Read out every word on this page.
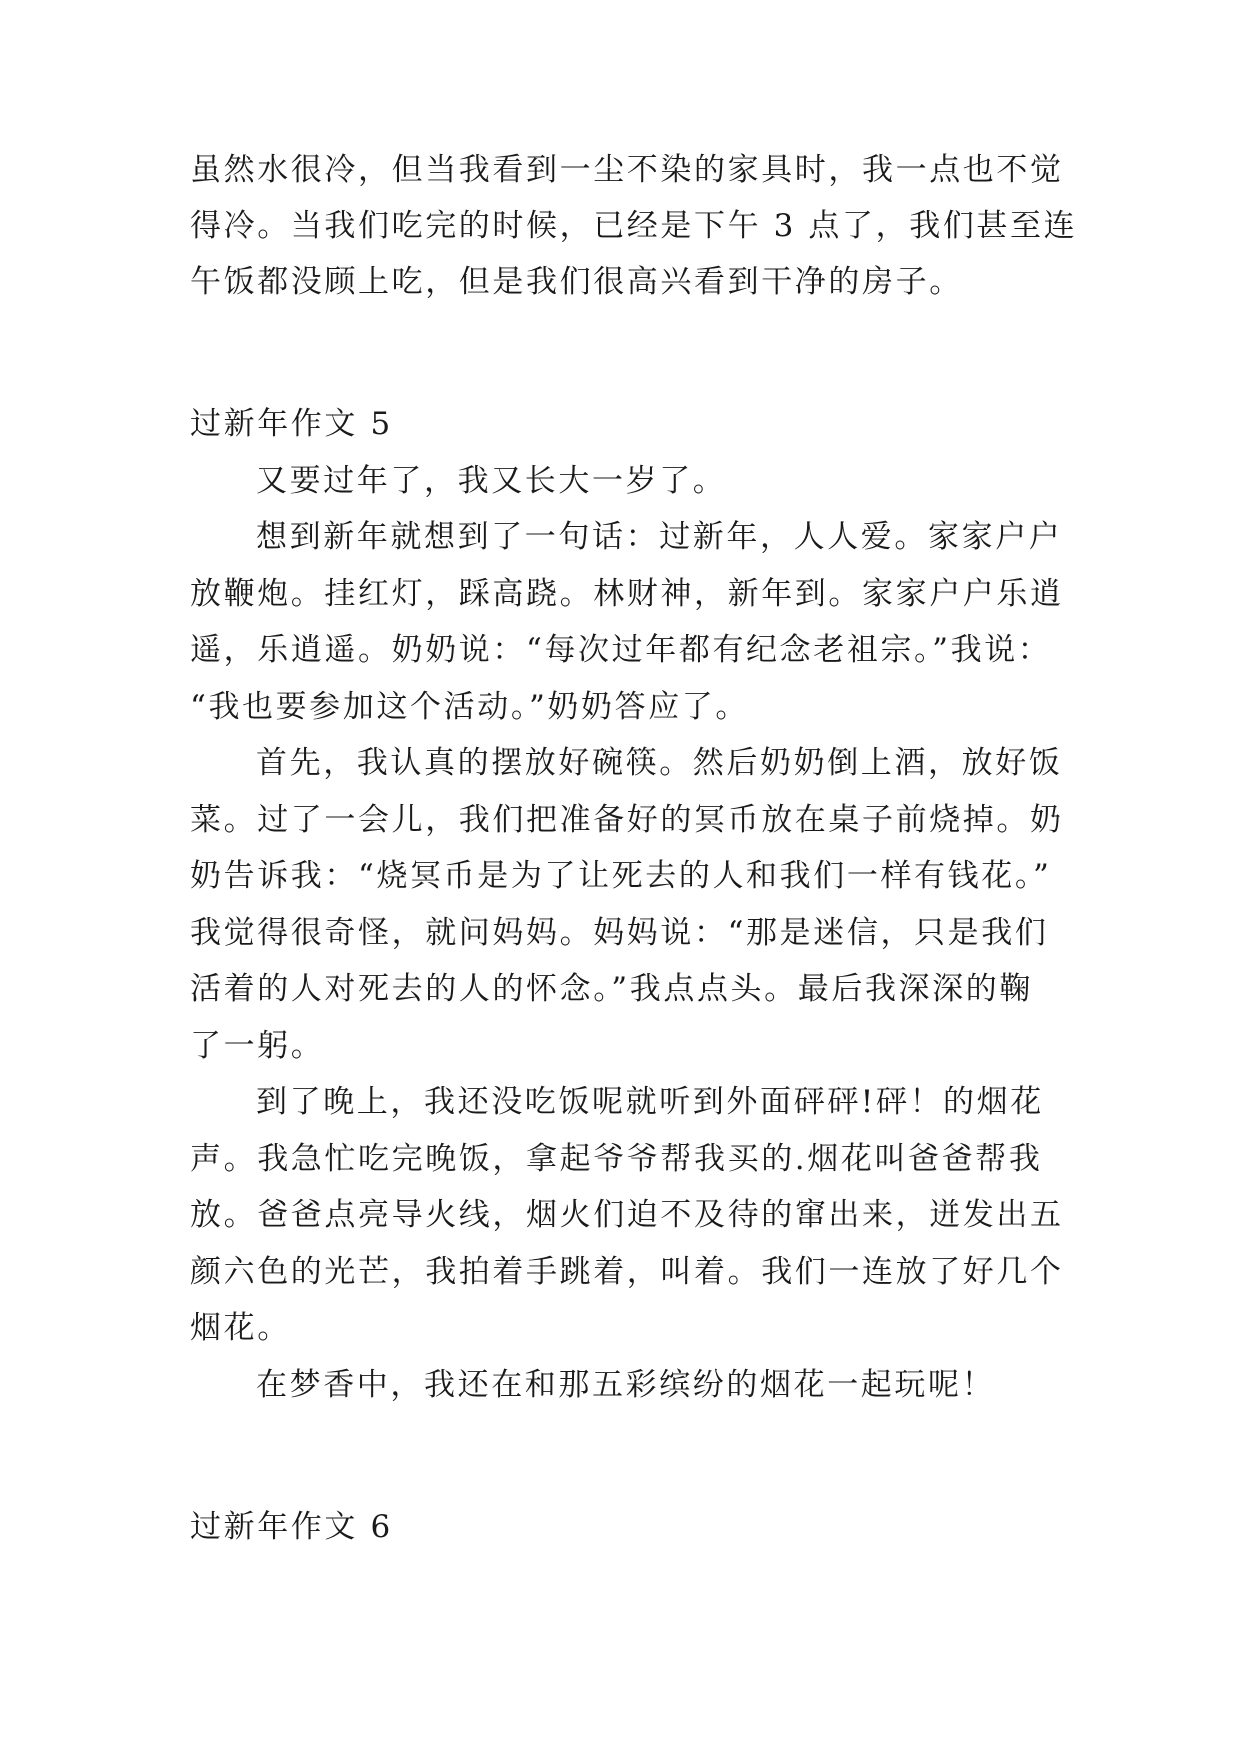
虽然水很冷，但当我看到一尘不染的家具时，我一点也不觉
得冷。当我们吃完的时候，已经是下午 3 点了，我们甚至连
午饭都没顾上吃，但是我们很高兴看到干净的房子。
过新年作文 5
又要过年了，我又长大一岁了。
想到新年就想到了一句话：过新年，人人爱。家家户户
放鞭炮。挂红灯，踩高跷。林财神，新年到。家家户户乐逍
遥，乐逍遥。奶奶说：“每次过年都有纪念老祖宗。”我说：
“我也要参加这个活动。”奶奶答应了。
首先，我认真的摆放好碗筷。然后奶奶倒上酒，放好饭
菜。过了一会儿，我们把准备好的冥币放在桌子前烧掉。奶
奶告诉我：“烧冥币是为了让死去的人和我们一样有钱花。”
我觉得很奇怪，就问妈妈。妈妈说：“那是迷信，只是我们
活着的人对死去的人的怀念。”我点点头。最后我深深的鞠
了一躬。
到了晚上，我还没吃饭呢就听到外面砰砰!砰！的烟花
声。我急忙吃完晚饭，拿起爷爷帮我买的.烟花叫爸爸帮我
放。爸爸点亮导火线，烟火们迫不及待的窜出来，迸发出五
颜六色的光芒，我拍着手跳着，叫着。我们一连放了好几个
烟花。
在梦香中，我还在和那五彩缤纷的烟花一起玩呢！
过新年作文 6
